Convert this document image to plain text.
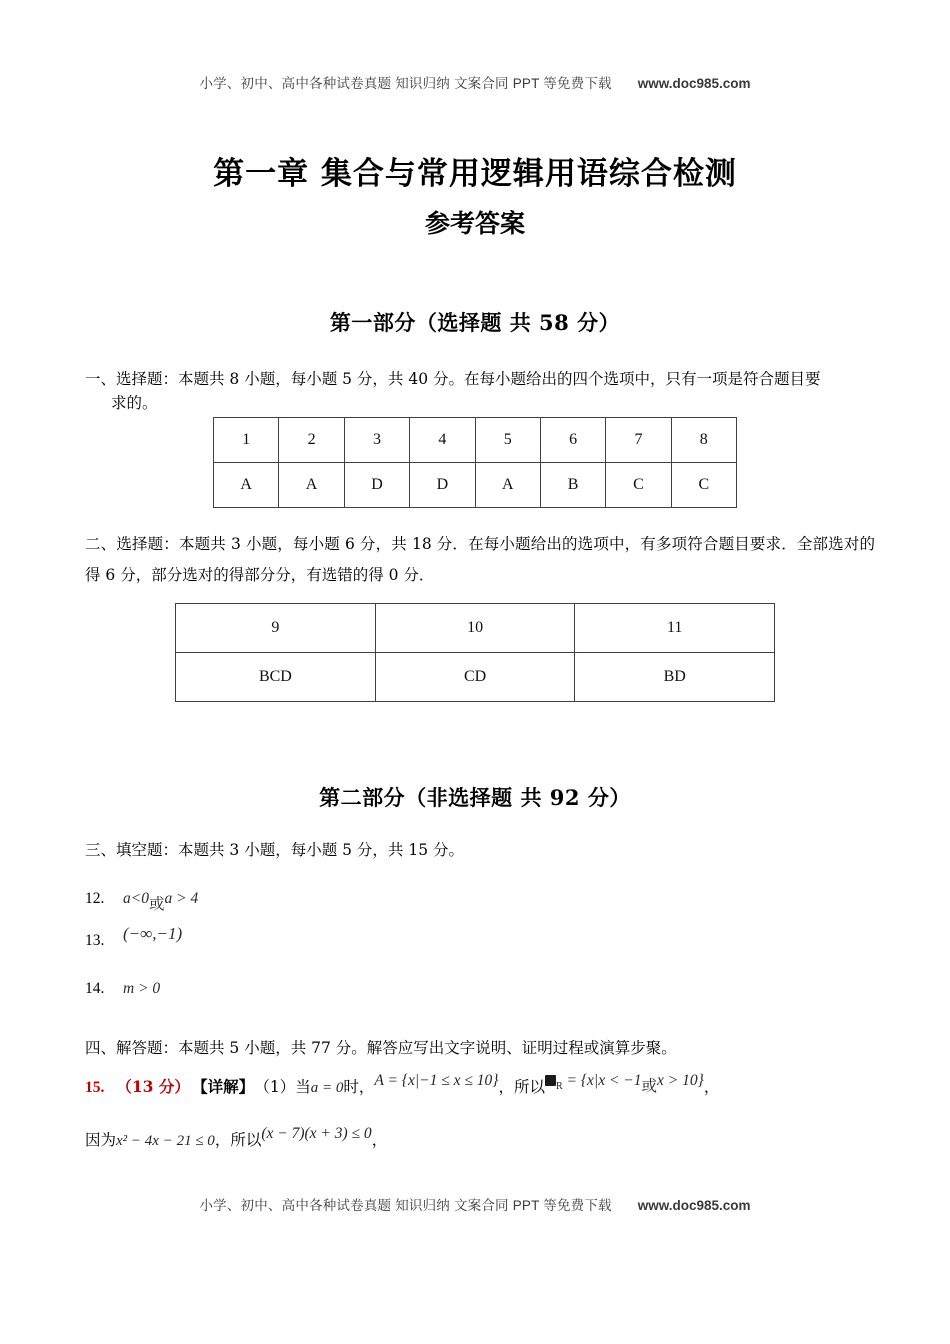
小学、初中、高中各种试卷真题 知识归纳 文案合同 PPT 等免费下载 www.doc985.com
第一章 集合与常用逻辑用语综合检测
参考答案
第一部分（选择题 共 58 分）
一、选择题：本题共 8 小题，每小题 5 分，共 40 分。在每小题给出的四个选项中，只有一项是符合题目要
求的。
1	2	3	4	5	6	7	8
A	A	D	D	A	B	C	C
二、选择题：本题共 3 小题，每小题 6 分，共 18 分．在每小题给出的选项中，有多项符合题目要求．全部选对的得 6 分，部分选对的得部分分，有选错的得 0 分．
9	10	11
BCD	CD	BD
第二部分（非选择题 共 92 分）
三、填空题：本题共 3 小题，每小题 5 分，共 15 分。
12. a<0或a > 4
13. (−∞,−1)
14. m > 0
四、解答题：本题共 5 小题，共 77 分。解答应写出文字说明、证明过程或演算步聚。
15. （13 分） 【详解】 （1）当a = 0时，A = {x|−1 ≤ x ≤ 10}，所以 $_R$ = {x|x < −1或x > 10}，
因为x² − 4x − 21 ≤ 0，所以(x − 7)(x + 3) ≤ 0，
小学、初中、高中各种试卷真题 知识归纳 文案合同 PPT 等免费下载 www.doc985.com
